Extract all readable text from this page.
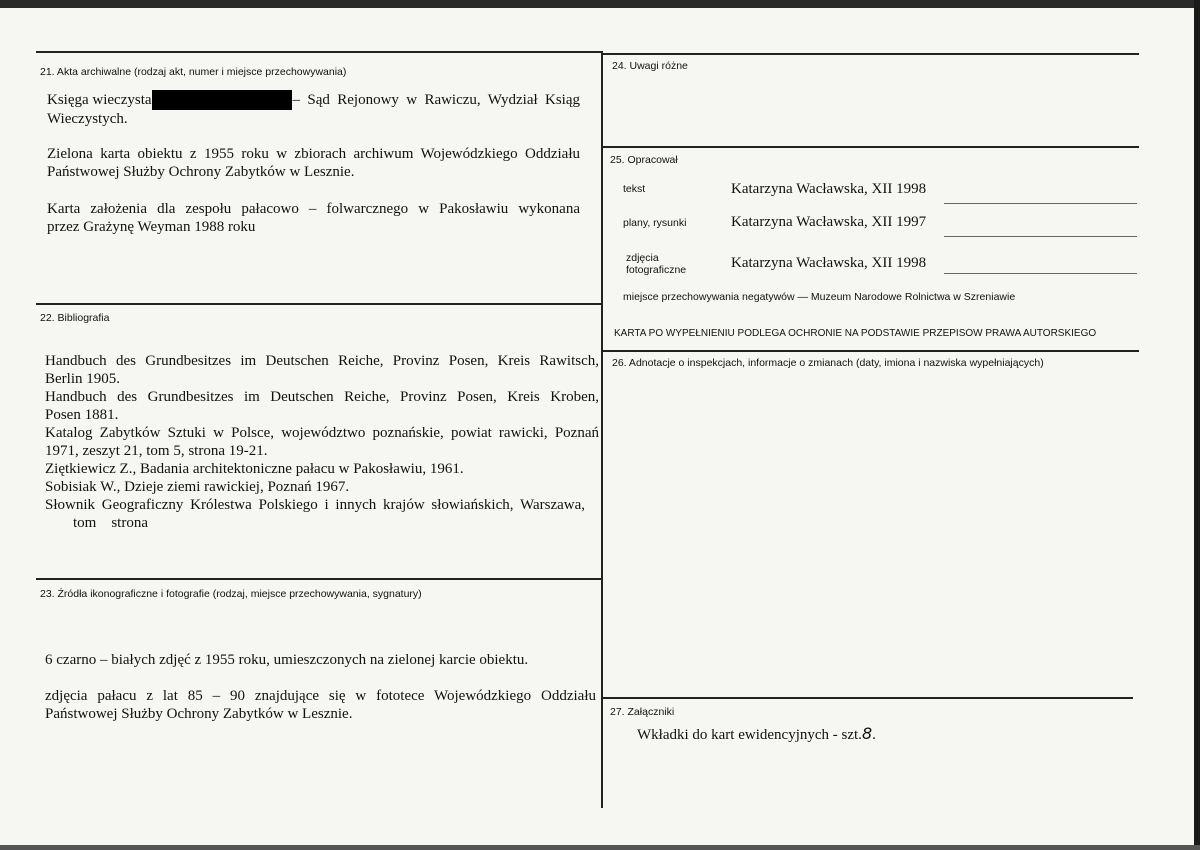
21. Akta archiwalne (rodzaj akt, numer i miejsce przechowywania)
Księga wieczysta	– Sąd Rejonowy w Rawiczu, Wydział Ksiąg
Wieczystych.
Zielona karta obiektu z 1955 roku w zbiorach archiwum Wojewódzkiego Oddziału
Państwowej Służby Ochrony Zabytków w Lesznie.
Karta założenia dla zespołu pałacowo – folwarcznego w Pakosławiu wykonana
przez Grażynę Weyman 1988 roku
22. Bibliografia
Handbuch des Grundbesitzes im Deutschen Reiche, Provinz Posen, Kreis Rawitsch,
Berlin 1905.
Handbuch des Grundbesitzes im Deutschen Reiche, Provinz Posen, Kreis Kroben,
Posen 1881.
Katalog Zabytków Sztuki w Polsce, województwo poznańskie, powiat rawicki, Poznań
1971, zeszyt 21, tom 5, strona 19-21.
Ziętkiewicz Z., Badania architektoniczne pałacu w Pakosławiu, 1961.
Sobisiak W., Dzieje ziemi rawickiej, Poznań 1967.
Słownik Geograficzny Królestwa Polskiego i innych krajów słowiańskich, Warszawa,
tom    strona
23. Źródła ikonograficzne i fotografie (rodzaj, miejsce przechowywania, sygnatury)
6 czarno – białych zdjęć z 1955 roku, umieszczonych na zielonej karcie obiektu.
zdjęcia pałacu z lat 85 – 90 znajdujące się w fototece Wojewódzkiego Oddziału
Państwowej Służby Ochrony Zabytków w Lesznie.
24. Uwagi różne
25. Opracował
tekst	Katarzyna Wacławska, XII 1998
plany, rysunki	Katarzyna Wacławska, XII 1997
zdjęcia
fotograficzne	Katarzyna Wacławska, XII 1998
miejsce przechowywania negatywów — Muzeum Narodowe Rolnictwa w Szreniawie
KARTA PO WYPEŁNIENIU PODLEGA OCHRONIE NA PODSTAWIE PRZEPISÓW PRAWA AUTORSKIEGO
26. Adnotacje o inspekcjach, informacje o zmianach (daty, imiona i nazwiska wypełniających)
27. Załączniki
Wkładki do kart ewidencyjnych - szt.8.
